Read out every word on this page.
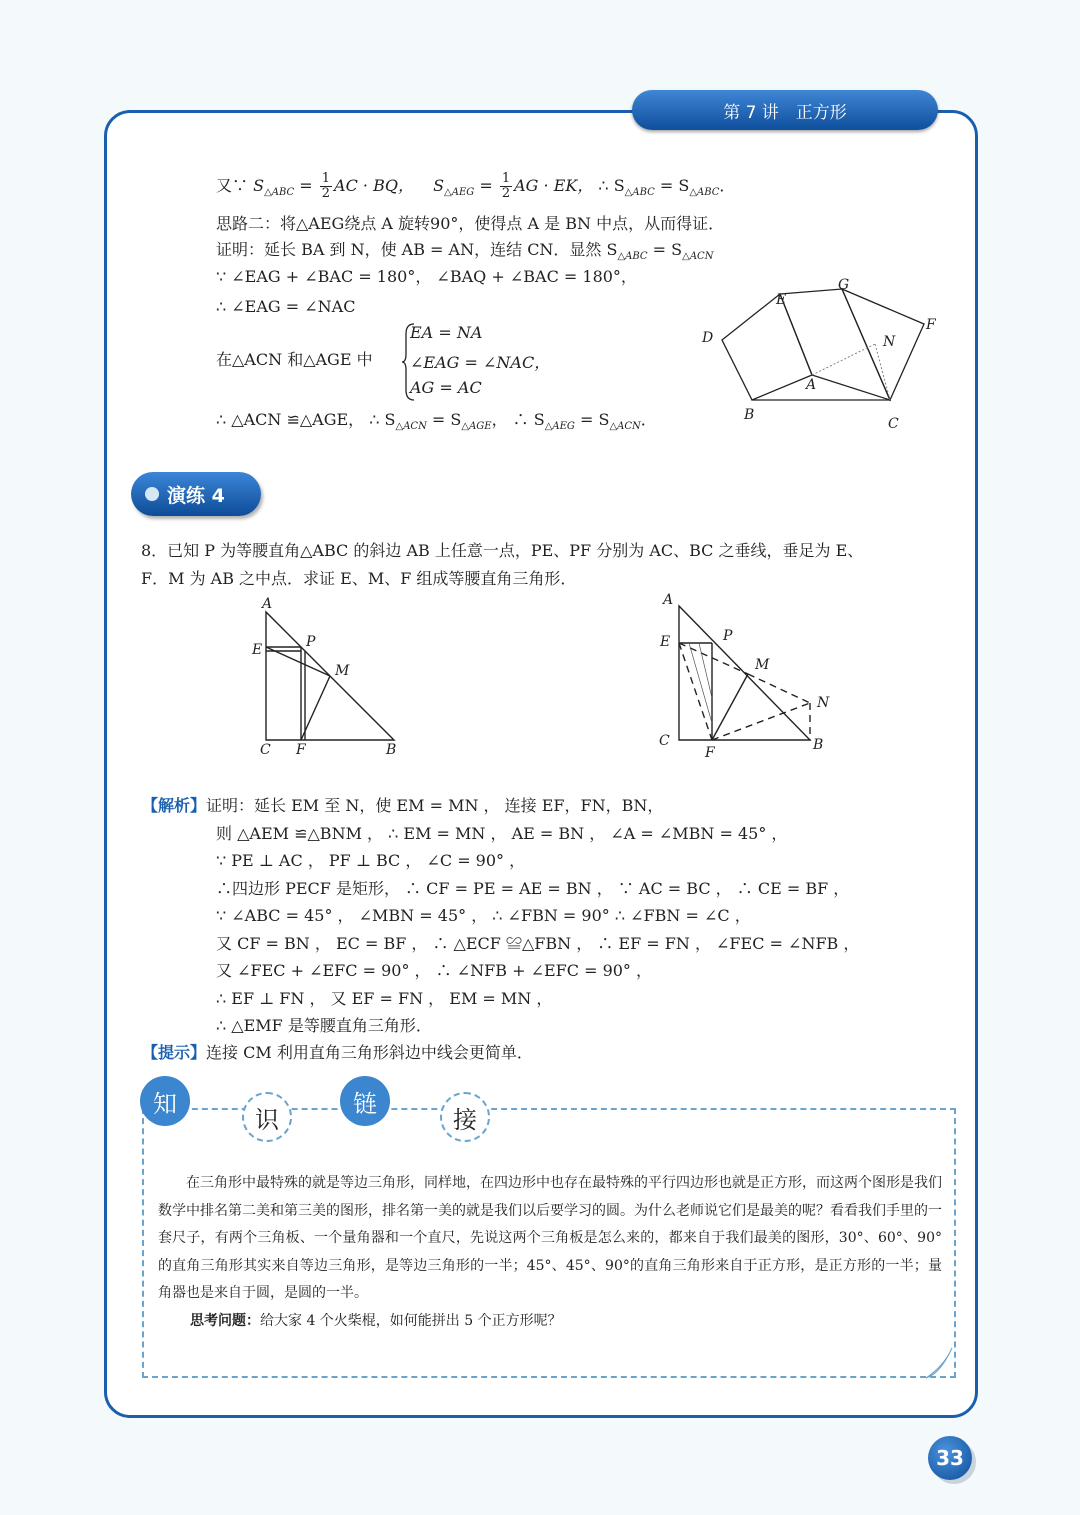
第 7 讲　正方形
又∵ $S_{\triangle ABC} = \frac{1}{2}$ AC · BQ， $S_{\triangle AEG} = \frac{1}{2}$ AG · EK， ∴ $S_{\triangle ABC} = S_{\triangle ABC}$．
思路二：将△AEG绕点 A 旋转90°，使得点 A 是 BN 中点，从而得证．
证明：延长 BA 到 N，使 AB = AN，连结 CN．显然 $S_{\triangle ABC} = S_{\triangle ACN}$
∵ ∠EAG + ∠BAC = 180°， ∠BAQ + ∠BAC = 180°，
∴ ∠EAG = ∠NAC
在△ACN 和△AGE 中
EA = NA
∠EAG = ∠NAC，
AG = AC
∴ △ACN ≌△AGE， ∴ $S_{\triangle ACN} = S_{\triangle AGE}$， ∴ $S_{\triangle AEG} = S_{\triangle ACN}$．
E
G
F
D	N
A
B
C
演练 4
8．已知 P 为等腰直角△ABC 的斜边 AB 上任意一点，PE、PF 分别为 AC、BC 之垂线，垂足为 E、
F．M 为 AB 之中点．求证 E、M、F 组成等腰直角三角形．
A
E	P
M
C F	B
A
E	P
M
N
C
F	B
【解析】证明：延长 EM 至 N，使 EM = MN ， 连接 EF，FN，BN，
则 △AEM ≌△BNM ， ∴ EM = MN ， AE = BN ， ∠A = ∠MBN = 45° ，
∵ PE ⊥ AC ， PF ⊥ BC ， ∠C = 90° ，
∴四边形 PECF 是矩形， ∴ CF = PE = AE = BN ， ∵ AC = BC ， ∴ CE = BF ，
∵ ∠ABC = 45° ， ∠MBN = 45° ， ∴ ∠FBN = 90° ∴ ∠FBN = ∠C ，
又 CF = BN ， EC = BF ， ∴ △ECF ≌△FBN ， ∴ EF = FN ， ∠FEC = ∠NFB ，
又 ∠FEC + ∠EFC = 90° ， ∴ ∠NFB + ∠EFC = 90° ，
∴ EF ⊥ FN ， 又 EF = FN ， EM = MN ，
∴ △EMF 是等腰直角三角形．
【提示】连接 CM 利用直角三角形斜边中线会更简单．
知
识
链
接
在三角形中最特殊的就是等边三角形，同样地，在四边形中也存在最特殊的平行四边形也就是正方形，而这两个图形是我们数学中排名第二美和第三美的图形，排名第一美的就是我们以后要学习的圆。为什么老师说它们是最美的呢？看看我们手里的一套尺子，有两个三角板、一个量角器和一个直尺，先说这两个三角板是怎么来的，都来自于我们最美的图形，30°、60°、90°的直角三角形其实来自等边三角形，是等边三角形的一半；45°、45°、90°的直角三角形来自于正方形，是正方形的一半；量角器也是来自于圆，是圆的一半。
思考问题：给大家 4 个火柴棍，如何能拼出 5 个正方形呢？
33
